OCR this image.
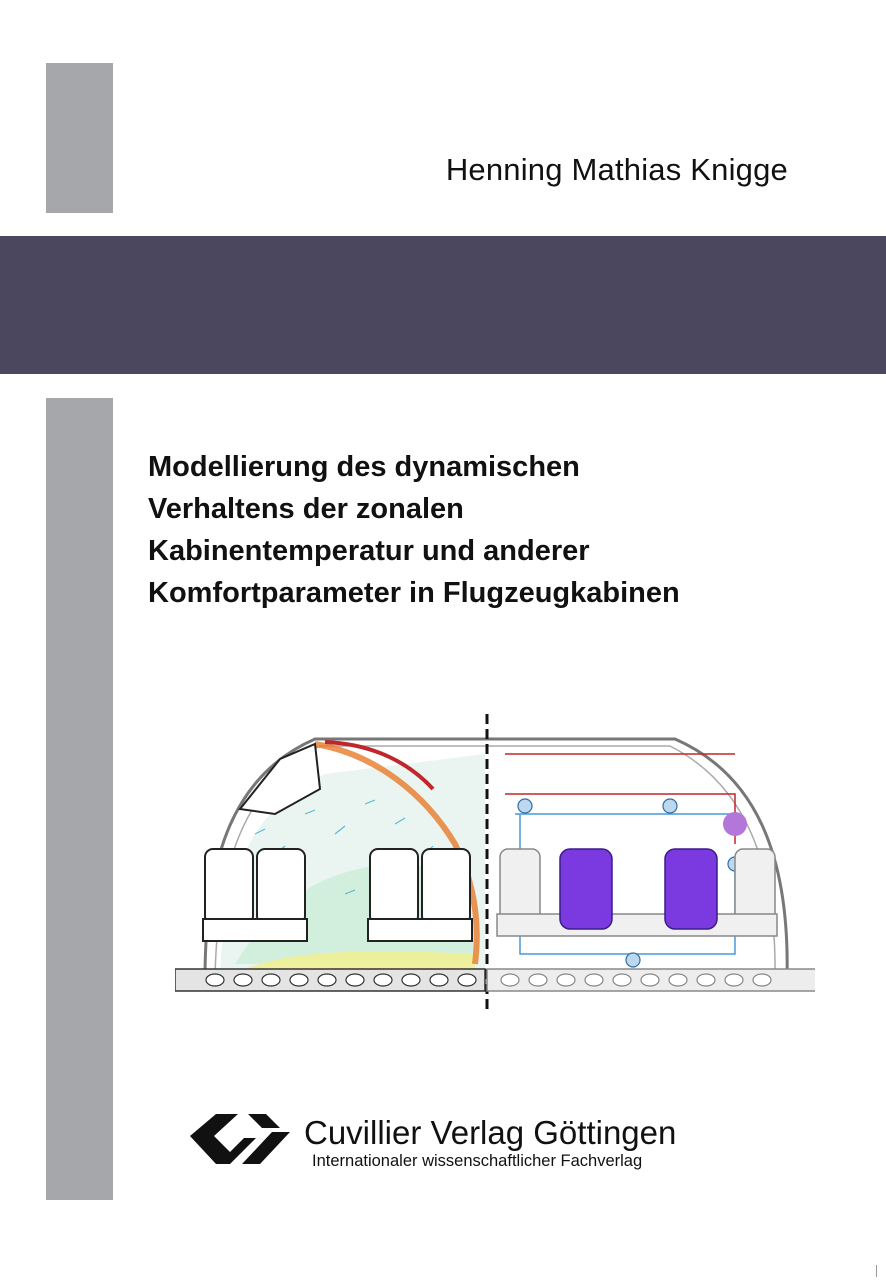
Henning Mathias Knigge
Modellierung des dynamischen
Verhaltens der zonalen
Kabinentemperatur und anderer
Komfortparameter in Flugzeugkabinen
Cuvillier Verlag Göttingen
Internationaler wissenschaftlicher Fachverlag
